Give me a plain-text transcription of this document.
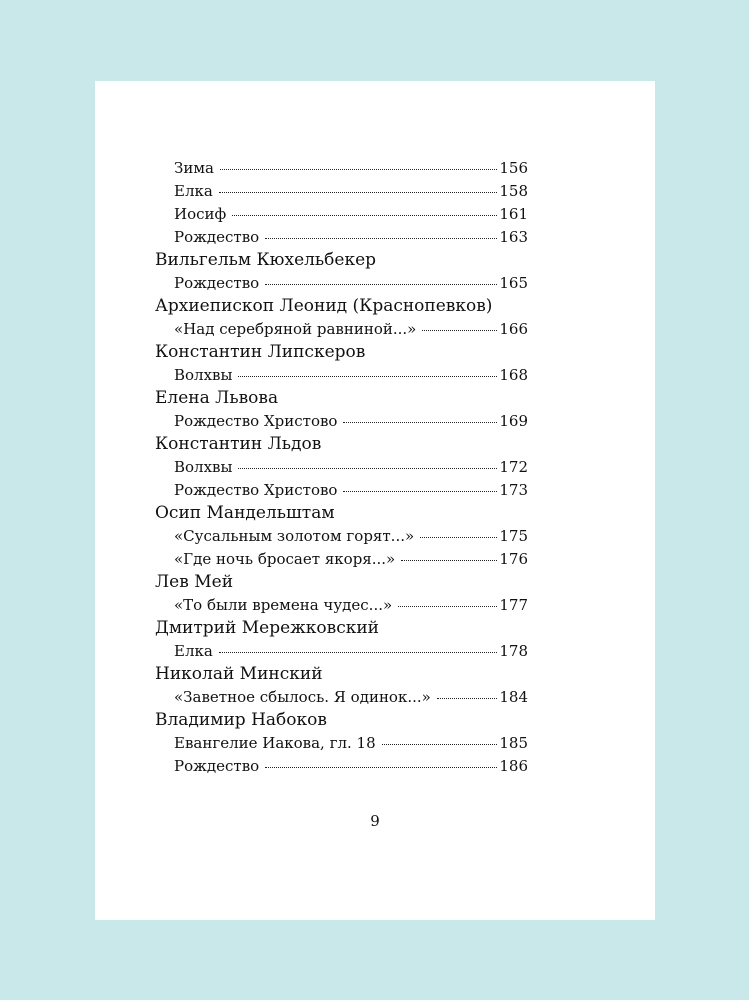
Зима	156
Елка	158
Иосиф	161
Рождество	163
Вильгельм Кюхельбекер
Рождество	165
Архиепископ Леонид (Краснопевков)
«Над серебряной равниной...»	166
Константин Липскеров
Волхвы	168
Елена Львова
Рождество Христово	169
Константин Льдов
Волхвы	172
Рождество Христово	173
Осип Мандельштам
«Сусальным золотом горят...»	175
«Где ночь бросает якоря...»	176
Лев Мей
«То были времена чудес...»	177
Дмитрий Мережковский
Елка	178
Николай Минский
«Заветное сбылось. Я одинок...»	184
Владимир Набоков
Евангелие Иакова, гл. 18	185
Рождество	186
9
